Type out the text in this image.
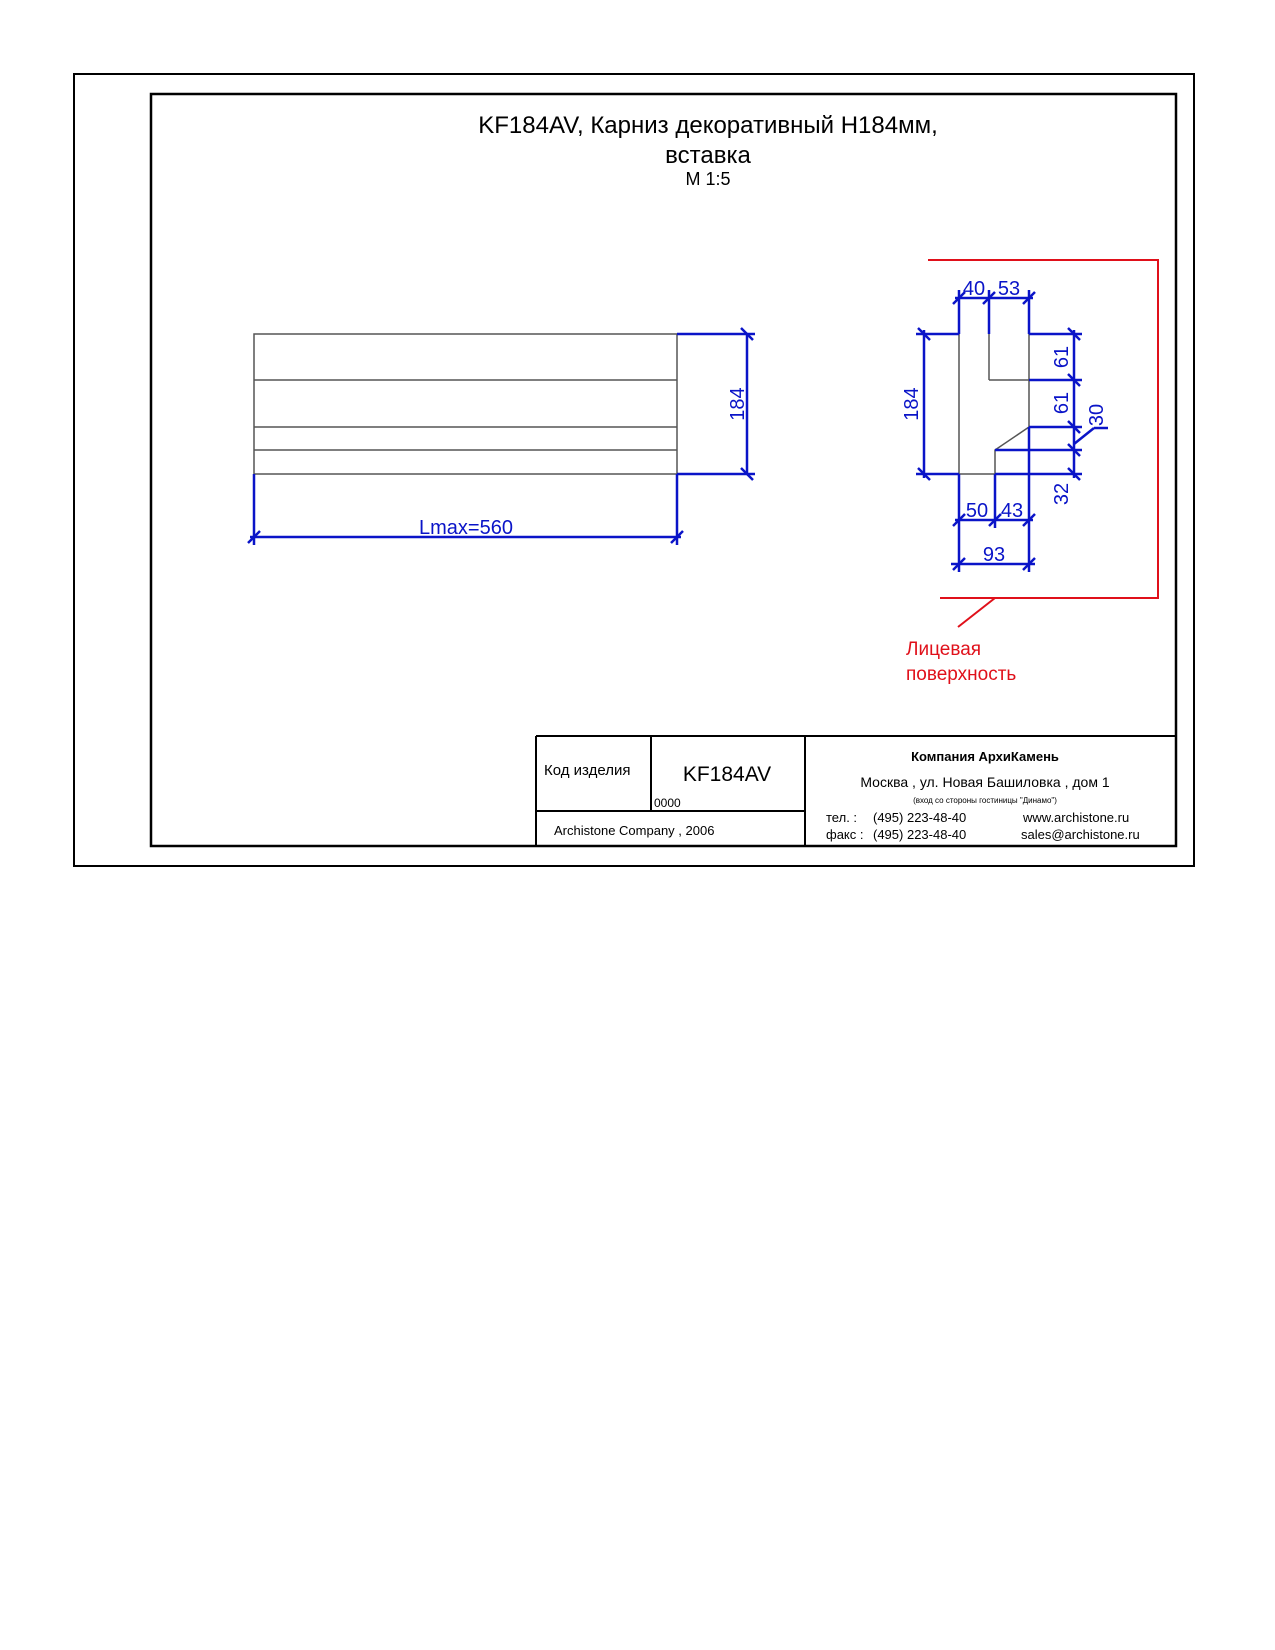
KF184AV, Карниз декоративный H184мм,
вставка
М 1:5
184
Lmax=560
Лицевая
поверхность
40 53
184
61
61
30
32
50 43
93
Код изделия KF184AV
0000
Archistone Company , 2006
Компания АрхиКамень
Москва , ул. Новая Башиловка , дом 1
(вход со стороны гостиницы "Динамо")
тел. : (495) 223-48-40
факс : (495) 223-48-40
www.archistone.ru
sales@archistone.ru
